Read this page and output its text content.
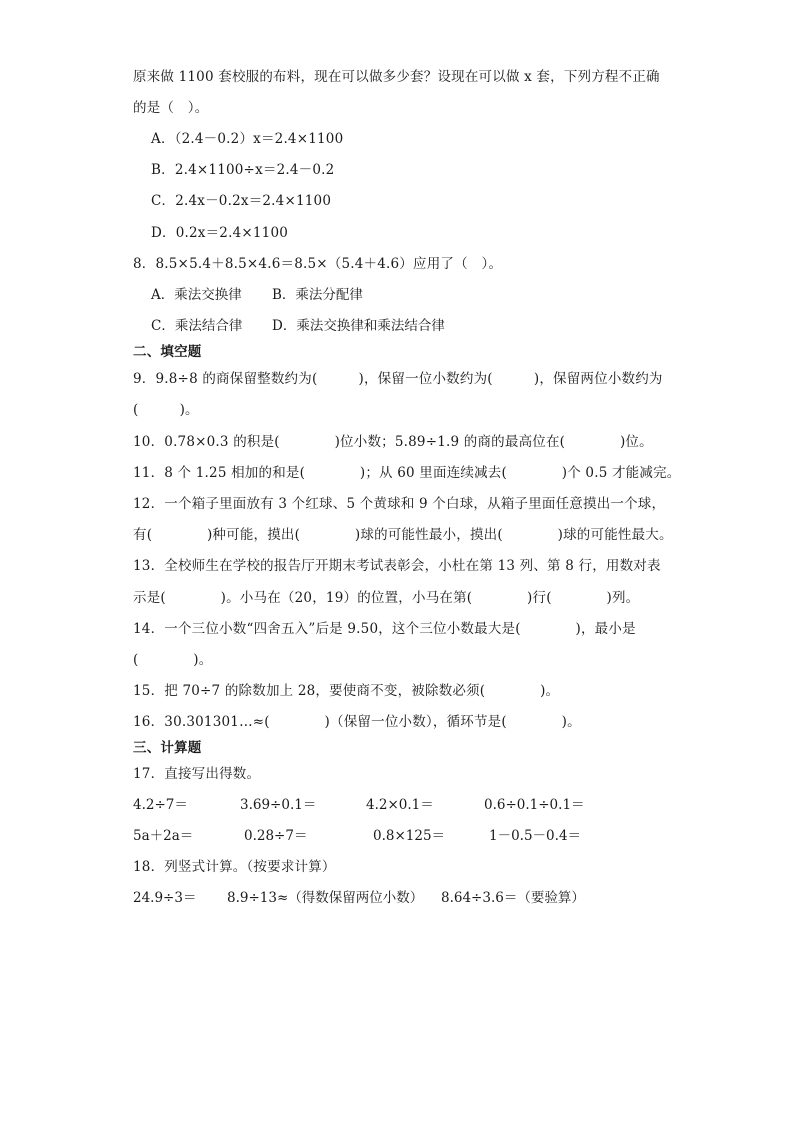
原来做 1100 套校服的布料，现在可以做多少套？设现在可以做 x 套，下列方程不正确
的是（　）。
A．（2.4－0.2）x＝2.4×1100
B．2.4×1100÷x＝2.4－0.2
C．2.4x－0.2x＝2.4×1100
D．0.2x＝2.4×1100
8．8.5×5.4＋8.5×4.6＝8.5×（5.4＋4.6）应用了（　）。
A．乘法交换律 B．乘法分配律
C．乘法结合律 D．乘法交换律和乘法结合律
二、填空题
9．9.8÷8 的商保留整数约为(　　　)，保留一位小数约为(　　　)，保留两位小数约为
(　　　)。
10．0.78×0.3 的积是(　　　　)位小数；5.89÷1.9 的商的最高位在(　　　　)位。
11．8 个 1.25 相加的和是(　　　　)；从 60 里面连续减去(　　　　)个 0.5 才能减完。
12．一个箱子里面放有 3 个红球、5 个黄球和 9 个白球，从箱子里面任意摸出一个球，
有(　　　　)种可能，摸出(　　　　)球的可能性最小，摸出(　　　　)球的可能性最大。
13．全校师生在学校的报告厅开期末考试表彰会，小杜在第 13 列、第 8 行，用数对表
示是(　　　　)。小马在（20，19）的位置，小马在第(　　　　)行(　　　　)列。
14．一个三位小数“四舍五入”后是 9.50，这个三位小数最大是(　　　　)，最小是
(　　　　)。
15．把 70÷7 的除数加上 28，要使商不变，被除数必须(　　　　)。
16．30.301301…≈(　　　　)（保留一位小数），循环节是(　　　　)。
三、计算题
17．直接写出得数。
4.2÷7＝	3.69÷0.1＝	4.2×0.1＝	0.6÷0.1÷0.1＝
5a＋2a＝	0.28÷7＝	0.8×125＝	1－0.5－0.4＝
18．列竖式计算。（按要求计算）
24.9÷3＝ 8.9÷13≈（得数保留两位小数） 8.64÷3.6＝（要验算）
